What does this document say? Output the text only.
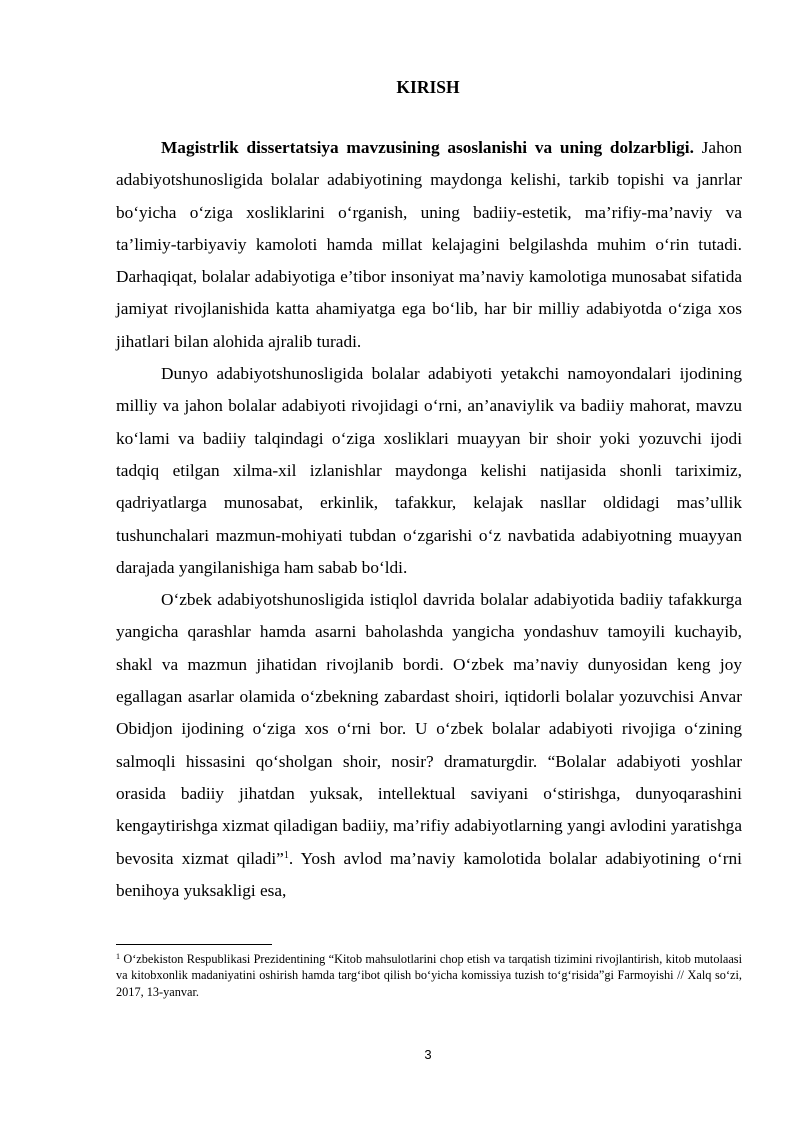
KIRISH

Magistrlik dissertatsiya mavzusining asoslanishi va uning dolzarbligi. Jahon adabiyotshunosligida bolalar adabiyotining maydonga kelishi, tarkib topishi va janrlar bo‘yicha o‘ziga xosliklarini o‘rganish, uning badiiy-estetik, ma’rifiy-ma’naviy va ta’limiy-tarbiyaviy kamoloti hamda millat kelajagini belgilashda muhim o‘rin tutadi. Darhaqiqat, bolalar adabiyotiga e’tibor insoniyat ma’naviy kamolotiga munosabat sifatida jamiyat rivojlanishida katta ahamiyatga ega bo‘lib, har bir milliy adabiyotda o‘ziga xos jihatlari bilan alohida ajralib turadi.

Dunyo adabiyotshunosligida bolalar adabiyoti yetakchi namoyondalari ijodining milliy va jahon bolalar adabiyoti rivojidagi o‘rni, an’anaviylik va badiiy mahorat, mavzu ko‘lami va badiiy talqindagi o‘ziga xosliklari muayyan bir shoir yoki yozuvchi ijodi tadqiq etilgan xilma-xil izlanishlar maydonga kelishi natijasida shonli tariximiz, qadriyatlarga munosabat, erkinlik, tafakkur, kelajak nasllar oldidagi mas’ullik tushunchalari mazmun-mohiyati tubdan o‘zgarishi o‘z navbatida adabiyotning muayyan darajada yangilanishiga ham sabab bo‘ldi.

O‘zbek adabiyotshunosligida istiqlol davrida bolalar adabiyotida badiiy tafakkurga yangicha qarashlar hamda asarni baholashda yangicha yondashuv tamoyili kuchayib, shakl va mazmun jihatidan rivojlanib bordi. O‘zbek ma’naviy dunyosidan keng joy egallagan asarlar olamida o‘zbekning zabardast shoiri, iqtidorli bolalar yozuvchisi Anvar Obidjon ijodining o‘ziga xos o‘rni bor. U o‘zbek bolalar adabiyoti rivojiga o‘zining salmoqli hissasini qo‘sholgan shoir, nosir? dramaturgdir. “Bolalar adabiyoti yoshlar orasida badiiy jihatdan yuksak, intellektual saviyani o‘stirishga, dunyoqarashini kengaytirishga xizmat qiladigan badiiy, ma’rifiy adabiyotlarning yangi avlodini yaratishga bevosita xizmat qiladi”$^1$. Yosh avlod ma’naviy kamolotida bolalar adabiyotining o‘rni benihoya yuksakligi esa,

$^1$ O‘zbekiston Respublikasi Prezidentining “Kitob mahsulotlarini chop etish va tarqatish tizimini rivojlantirish, kitob mutolaasi va kitobxonlik madaniyatini oshirish hamda targ‘ibot qilish bo‘yicha komissiya tuzish to‘g‘risida”gi Farmoyishi // Xalq so‘zi, 2017, 13-yanvar.
3
